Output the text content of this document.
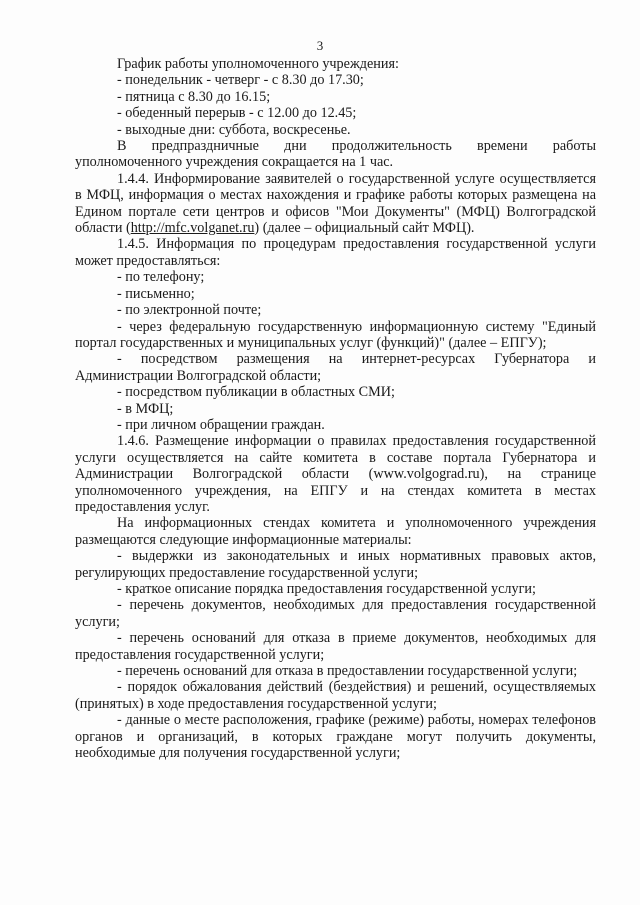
3

График работы уполномоченного учреждения:

- понедельник - четверг - с 8.30 до 17.30;

- пятница с 8.30 до 16.15;

- обеденный перерыв - с 12.00 до 12.45;

- выходные дни: суббота, воскресенье.

В предпраздничные дни продолжительность времени работы уполномоченного учреждения сокращается на 1 час.

1.4.4. Информирование заявителей о государственной услуге осуществляется в МФЦ, информация о местах нахождения и графике работы которых размещена на Едином портале сети центров и офисов "Мои Документы" (МФЦ) Волгоградской области (http://mfc.volganet.ru) (далее – официальный сайт МФЦ).

1.4.5. Информация по процедурам предоставления государственной услуги может предоставляться:

- по телефону;

- письменно;

- по электронной почте;

- через федеральную государственную информационную систему "Единый портал государственных и муниципальных услуг (функций)" (далее – ЕПГУ);

- посредством размещения на интернет-ресурсах Губернатора и Администрации Волгоградской области;

- посредством публикации в областных СМИ;

- в МФЦ;

- при личном обращении граждан.

1.4.6. Размещение информации о правилах предоставления государственной услуги осуществляется на сайте комитета в составе портала Губернатора и Администрации Волгоградской области (www.volgograd.ru), на странице уполномоченного учреждения, на ЕПГУ и на стендах комитета в местах предоставления услуг.

На информационных стендах комитета и уполномоченного учреждения размещаются следующие информационные материалы:

- выдержки из законодательных и иных нормативных правовых актов, регулирующих предоставление государственной услуги;

- краткое описание порядка предоставления государственной услуги;

- перечень документов, необходимых для предоставления государственной услуги;

- перечень оснований для отказа в приеме документов, необходимых для предоставления государственной услуги;

- перечень оснований для отказа в предоставлении государственной услуги;

- порядок обжалования действий (бездействия) и решений, осуществляемых (принятых) в ходе предоставления государственной услуги;

- данные о месте расположения, графике (режиме) работы, номерах телефонов органов и организаций, в которых граждане могут получить документы, необходимые для получения государственной услуги;
